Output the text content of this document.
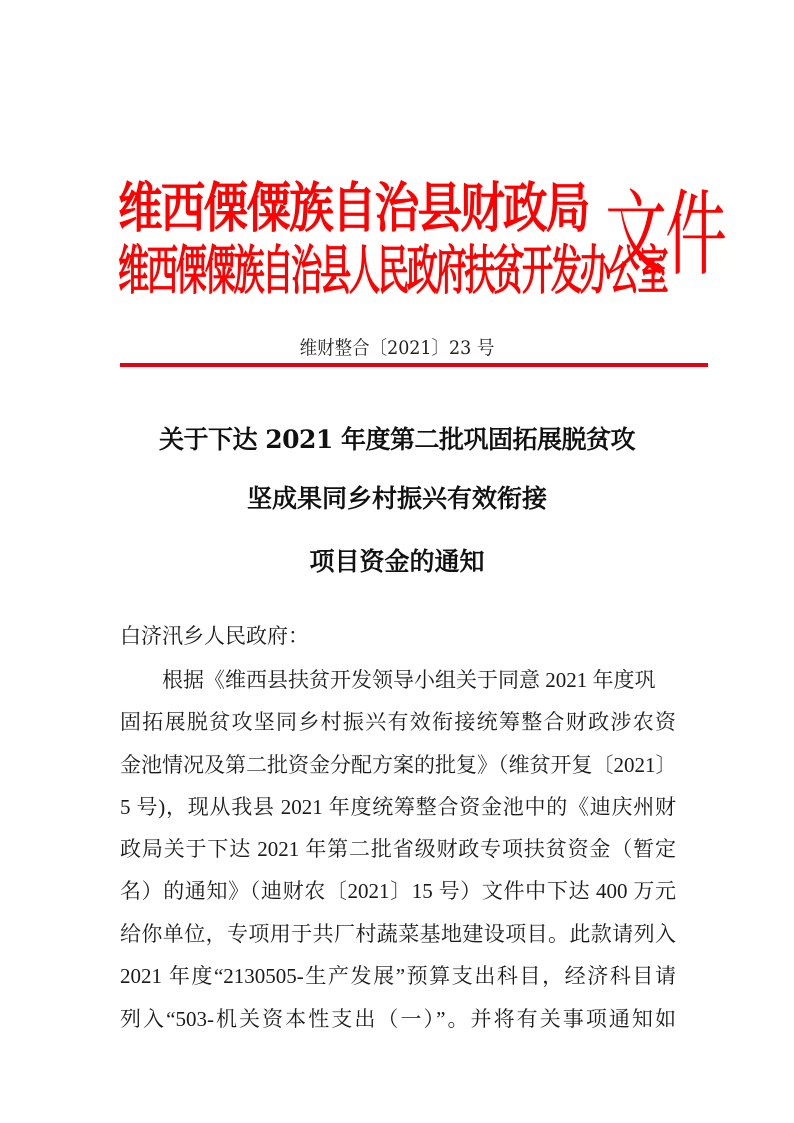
维西傈僳族自治县财政局
维西傈僳族自治县人民政府扶贫开发办公室
文件
维财整合〔2021〕23 号
关于下达 2021 年度第二批巩固拓展脱贫攻
坚成果同乡村振兴有效衔接
项目资金的通知
白济汛乡人民政府：
　　根据《维西县扶贫开发领导小组关于同意 2021 年度巩
固拓展脱贫攻坚同乡村振兴有效衔接统筹整合财政涉农资
金池情况及第二批资金分配方案的批复》（维贫开复〔2021〕
5 号)，现从我县 2021 年度统筹整合资金池中的《迪庆州财
政局关于下达 2021 年第二批省级财政专项扶贫资金（暂定
名）的通知》（迪财农〔2021〕15 号）文件中下达 400 万元
给你单位，专项用于共厂村蔬菜基地建设项目。此款请列入
2021 年度“2130505-生产发展”预算支出科目，经济科目请
列入“503-机关资本性支出（一）”。并将有关事项通知如
